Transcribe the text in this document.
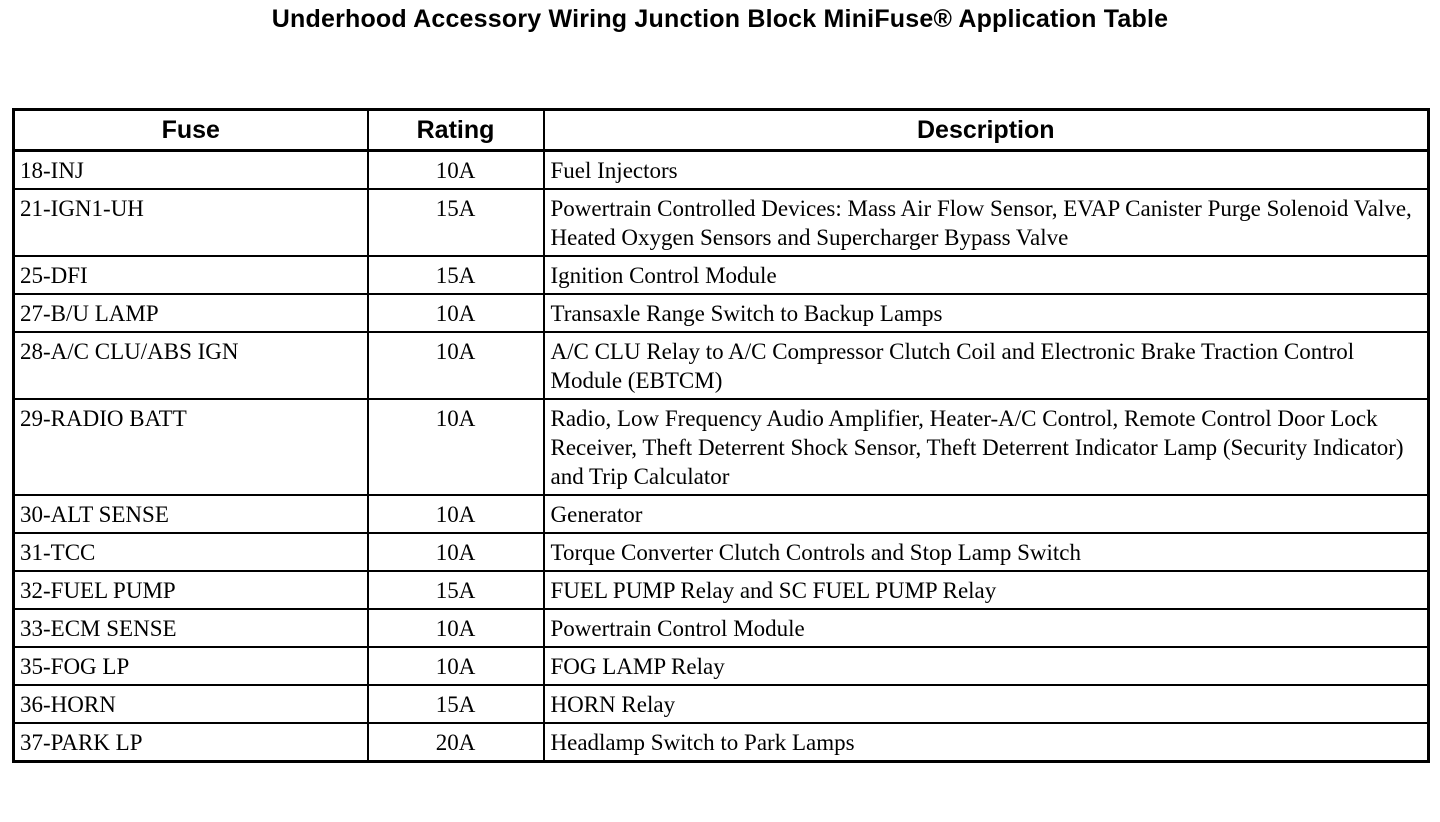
Underhood Accessory Wiring Junction Block MiniFuse® Application Table
Fuse	Rating	Description
18-INJ	10A	Fuel Injectors
21-IGN1-UH	15A	Powertrain Controlled Devices: Mass Air Flow Sensor, EVAP Canister Purge Solenoid Valve, Heated Oxygen Sensors and Supercharger Bypass Valve
25-DFI	15A	Ignition Control Module
27-B/U LAMP	10A	Transaxle Range Switch to Backup Lamps
28-A/C CLU/ABS IGN	10A	A/C CLU Relay to A/C Compressor Clutch Coil and Electronic Brake Traction Control Module (EBTCM)
29-RADIO BATT	10A	Radio, Low Frequency Audio Amplifier, Heater-A/C Control, Remote Control Door Lock Receiver, Theft Deterrent Shock Sensor, Theft Deterrent Indicator Lamp (Security Indicator) and Trip Calculator
30-ALT SENSE	10A	Generator
31-TCC	10A	Torque Converter Clutch Controls and Stop Lamp Switch
32-FUEL PUMP	15A	FUEL PUMP Relay and SC FUEL PUMP Relay
33-ECM SENSE	10A	Powertrain Control Module
35-FOG LP	10A	FOG LAMP Relay
36-HORN	15A	HORN Relay
37-PARK LP	20A	Headlamp Switch to Park Lamps
